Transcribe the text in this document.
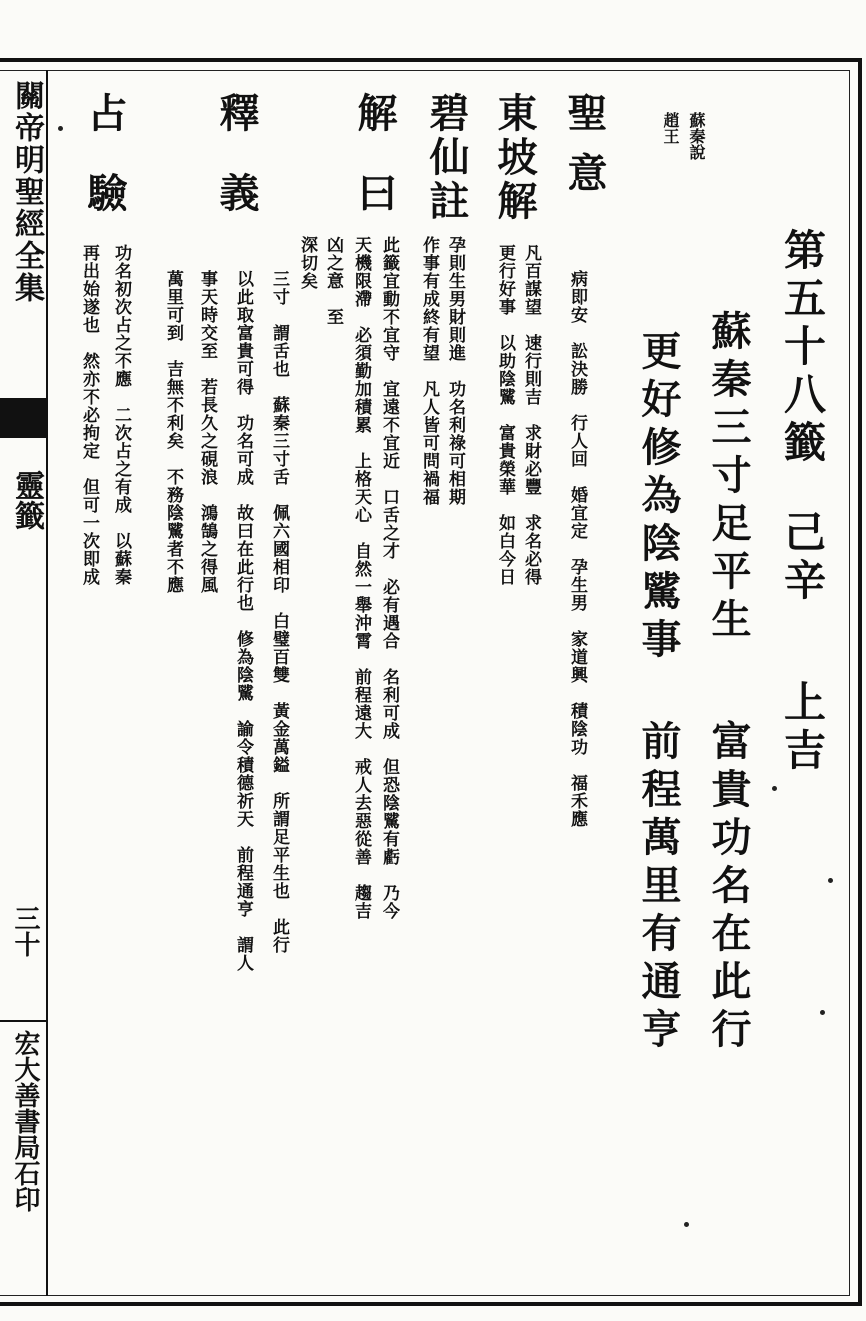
關帝明聖經全集
靈籤
三十
宏大善書局石印
第五十八籤
己辛
上吉
蘇秦說
趙王
蘇秦三寸足平生
富貴功名在此行
更好修為陰騭事
前程萬里有通亨
聖意
病即安　訟決勝　行人回　婚宜定　孕生男　家道興　積陰功　福禾應
東坡解
凡百謀望　速行則吉　求財必豐　求名必得
更行好事　以助陰騭　富貴榮華　如白今日
碧仙註
孕則生男財則進　功名利祿可相期
作事有成終有望　凡人皆可問禍福
解曰
此籤宜動不宜守　宜遠不宜近　口舌之才　必有遇合　名利可成　但恐陰騭有虧　乃今
天機限滯　必須勤加積累　上格天心　自然一舉沖霄　前程遠大　戒人去惡從善　趨吉
凶之意　至
深切矣
釋義
三寸　謂舌也　蘇秦三寸舌　佩六國相印　白璧百雙　黃金萬鎰　所謂足平生也　此行
以此取富貴可得　功名可成　故曰在此行也　修為陰騭　諭令積德祈天　前程通亨　謂人
事天時交至　若長久之硯浪　鴻鵠之得風
萬里可到　吉無不利矣　不務陰騭者不應
占驗
功名初次占之不應　二次占之有成　以蘇秦
再出始遂也　然亦不必拘定　但可一次即成
